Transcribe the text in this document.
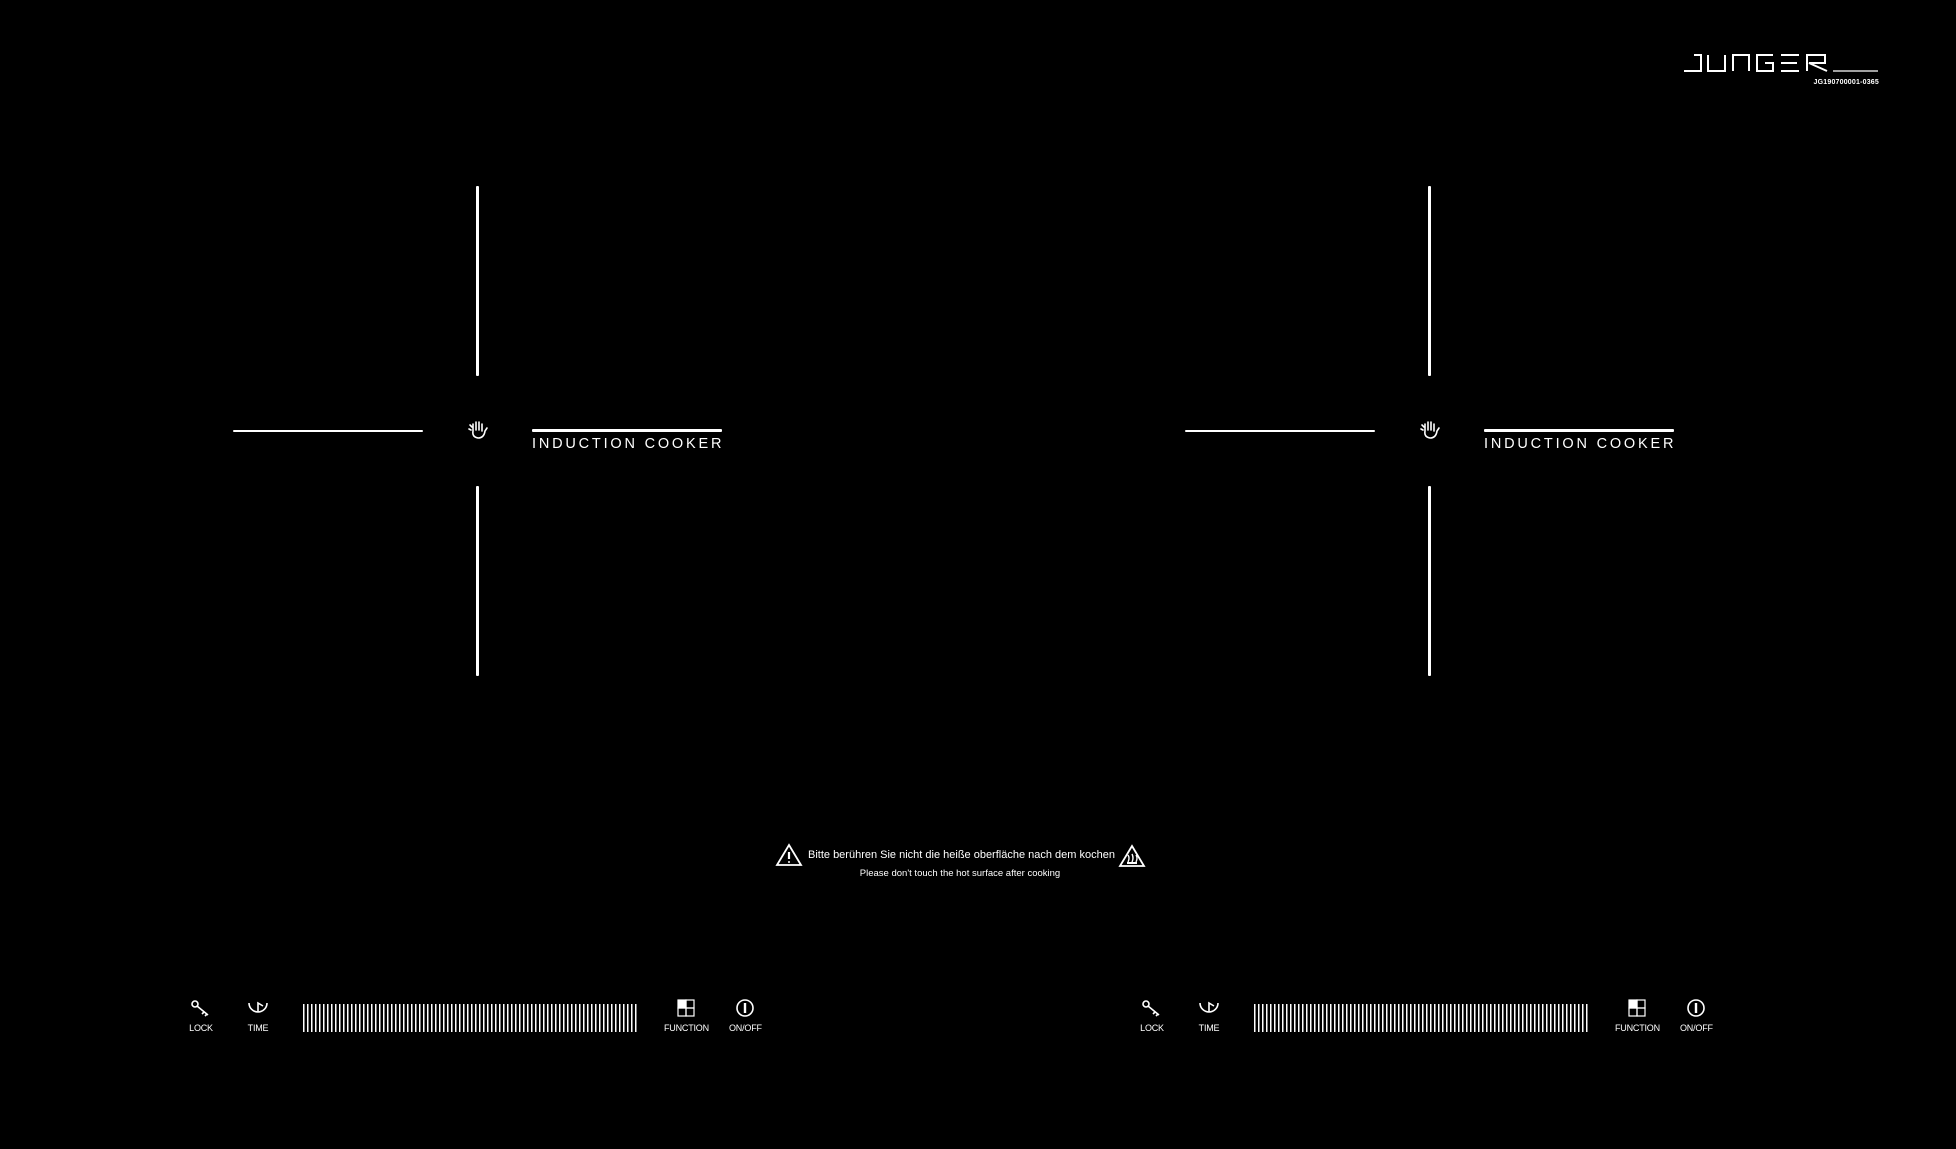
JG190700001-0365
INDUCTION COOKER	INDUCTION COOKER
Bitte berühren Sie nicht die heiße oberfläche nach dem kochen
Please don't touch the hot surface after cooking
LOCK	TIME	FUNCTION ON/OFF	LOCK	TIME	FUNCTION ON/OFF
